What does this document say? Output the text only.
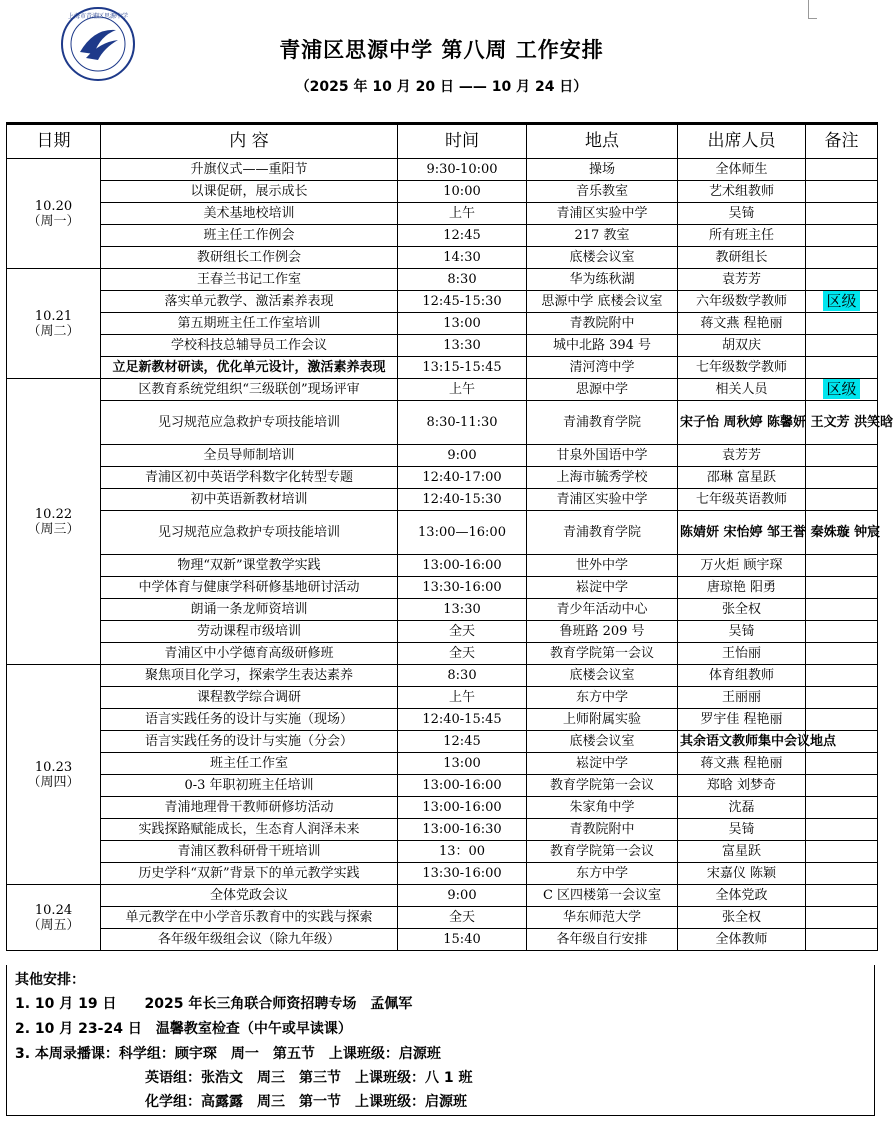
上海市青浦区思源中学
青浦区思源中学 第八周 工作安排
（2025 年 10 月 20 日 —— 10 月 24 日）
日期	内 容	时间	地点	出席人员	备注

10.20
（周一）	升旗仪式——重阳节	9:30-10:00	操场	全体师生	
	以课促研，展示成长	10:00	音乐教室	艺术组教师	
	美术基地校培训	上午	青浦区实验中学	吴锜	
	班主任工作例会	12:45	217 教室	所有班主任	
	教研组长工作例会	14:30	底楼会议室	教研组长	

10.21
（周二）	王春兰书记工作室	8:30	华为练秋湖	袁芳芳	
	落实单元教学、激活素养表现	12:45-15:30	思源中学 底楼会议室	六年级数学教师	区级
	第五期班主任工作室培训	13:00	青教院附中	蒋文燕 程艳丽	
	学校科技总辅导员工作会议	13:30	城中北路 394 号	胡双庆	
	立足新教材研读，优化单元设计，激活素养表现	13:15-15:45	清河湾中学	七年级数学教师	

10.22
（周三）	区教育系统党组织“三级联创”现场评审	上午	思源中学	相关人员	区级
	见习规范应急救护专项技能培训	8:30-11:30	青浦教育学院	宋子怡 周秋婷 陈馨妍 王文芳 洪笑晗	
	全员导师制培训	9:00	甘泉外国语中学	袁芳芳	
	青浦区初中英语学科数字化转型专题	12:40-17:00	上海市毓秀学校	邵琳 富星跃	
	初中英语新教材培训	12:40-15:30	青浦区实验中学	七年级英语教师	
	见习规范应急救护专项技能培训	13:00—16:00	青浦教育学院	陈婧妍 宋怡婷 邹王誉 秦姝璇 钟宸	
	物理“双新”课堂教学实践	13:00-16:00	世外中学	万火炬 顾宇琛	
	中学体育与健康学科研修基地研讨活动	13:30-16:00	崧淀中学	唐琼艳 阳勇	
	朗诵一条龙师资培训	13:30	青少年活动中心	张全权	
	劳动课程市级培训	全天	鲁班路 209 号	吴锜	
	青浦区中小学德育高级研修班	全天	教育学院第一会议	王怡丽	

10.23
（周四）	聚焦项目化学习，探索学生表达素养	8:30	底楼会议室	体育组教师	
	课程教学综合调研	上午	东方中学	王丽丽	
	语言实践任务的设计与实施（现场）	12:40-15:45	上师附属实验	罗宇佳 程艳丽	
	语言实践任务的设计与实施（分会）	12:45	底楼会议室	其余语文教师集中会议地点	
	班主任工作室	13:00	崧淀中学	蒋文燕 程艳丽	
	0-3 年职初班主任培训	13:00-16:00	教育学院第一会议	郑晗 刘梦奇	
	青浦地理骨干教师研修坊活动	13:00-16:00	朱家角中学	沈磊	
	实践探路赋能成长，生态育人润泽未来	13:00-16:30	青教院附中	吴锜	
	青浦区教科研骨干班培训	13：00	教育学院第一会议	富星跃	
	历史学科“双新”背景下的单元教学实践	13:30-16:00	东方中学	宋嘉仪 陈颖	

10.24
（周五）	全体党政会议	9:00	C 区四楼第一会议室	全体党政	
	单元教学在中小学音乐教育中的实践与探索	全天	华东师范大学	张全权	
	各年级年级组会议（除九年级）	15:40	各年级自行安排	全体教师	
其他安排：
1. 10 月 19 日　　2025 年长三角联合师资招聘专场　孟佩军
2. 10 月 23-24 日　温馨教室检查（中午或早读课）
3. 本周录播课：科学组：顾宇琛　周一　第五节　上课班级：启源班
英语组：张浩文　周三　第三节　上课班级：八 1 班
化学组：高露露　周三　第一节　上课班级：启源班
